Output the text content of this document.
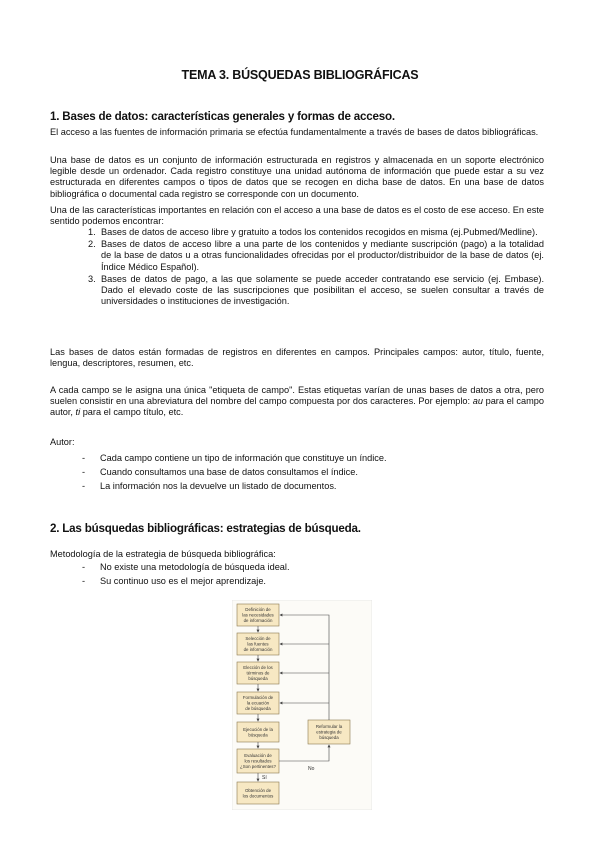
TEMA 3. BÚSQUEDAS BIBLIOGRÁFICAS
1. Bases de datos: características generales y formas de acceso.
El acceso a las fuentes de información primaria se efectúa fundamentalmente a través de bases de datos bibliográficas.
Una base de datos es un conjunto de información estructurada en registros y almacenada en un soporte electrónico legible desde un ordenador. Cada registro constituye una unidad autónoma de información que puede estar a su vez estructurada en diferentes campos o tipos de datos que se recogen en dicha base de datos. En una base de datos bibliográfica o documental cada registro se corresponde con un documento.
Una de las características importantes en relación con el acceso a una base de datos es el costo de ese acceso. En este sentido podemos encontrar:
1. Bases de datos de acceso libre y gratuito a todos los contenidos recogidos en misma (ej.Pubmed/Medline).
2. Bases de datos de acceso libre a una parte de los contenidos y mediante suscripción (pago) a la totalidad de la base de datos u a otras funcionalidades ofrecidas por el productor/distribuidor de la base de datos (ej. Índice Médico Español).
3. Bases de datos de pago, a las que solamente se puede acceder contratando ese servicio (ej. Embase). Dado el elevado coste de las suscripciones que posibilitan el acceso, se suelen consultar a través de universidades o instituciones de investigación.
Las bases de datos están formadas de registros en diferentes en campos. Principales campos: autor, título, fuente, lengua, descriptores, resumen, etc.
A cada campo se le asigna una única "etiqueta de campo". Estas etiquetas varían de unas bases de datos a otra, pero suelen consistir en una abreviatura del nombre del campo compuesta por dos caracteres. Por ejemplo: au para el campo autor, ti para el campo título, etc.
Autor:
- Cada campo contiene un tipo de información que constituye un índice.
- Cuando consultamos una base de datos consultamos el índice.
- La información nos la devuelve un listado de documentos.
2. Las búsquedas bibliográficas: estrategias de búsqueda.
Metodología de la estrategia de búsqueda bibliográfica:
- No existe una metodología de búsqueda ideal.
- Su continuo uso es el mejor aprendizaje.
Definición de
las necesidades
de información
Selección de
las fuentes
de información
Elección de los
términos de
búsqueda
Formulación de
la ecuación
de búsqueda
Ejecución de la
búsqueda
Evaluación de
los resultados
¿Son pertinentes?
Obtención de
los documentos
Reformular la
estrategia de
búsqueda
No
Sí
